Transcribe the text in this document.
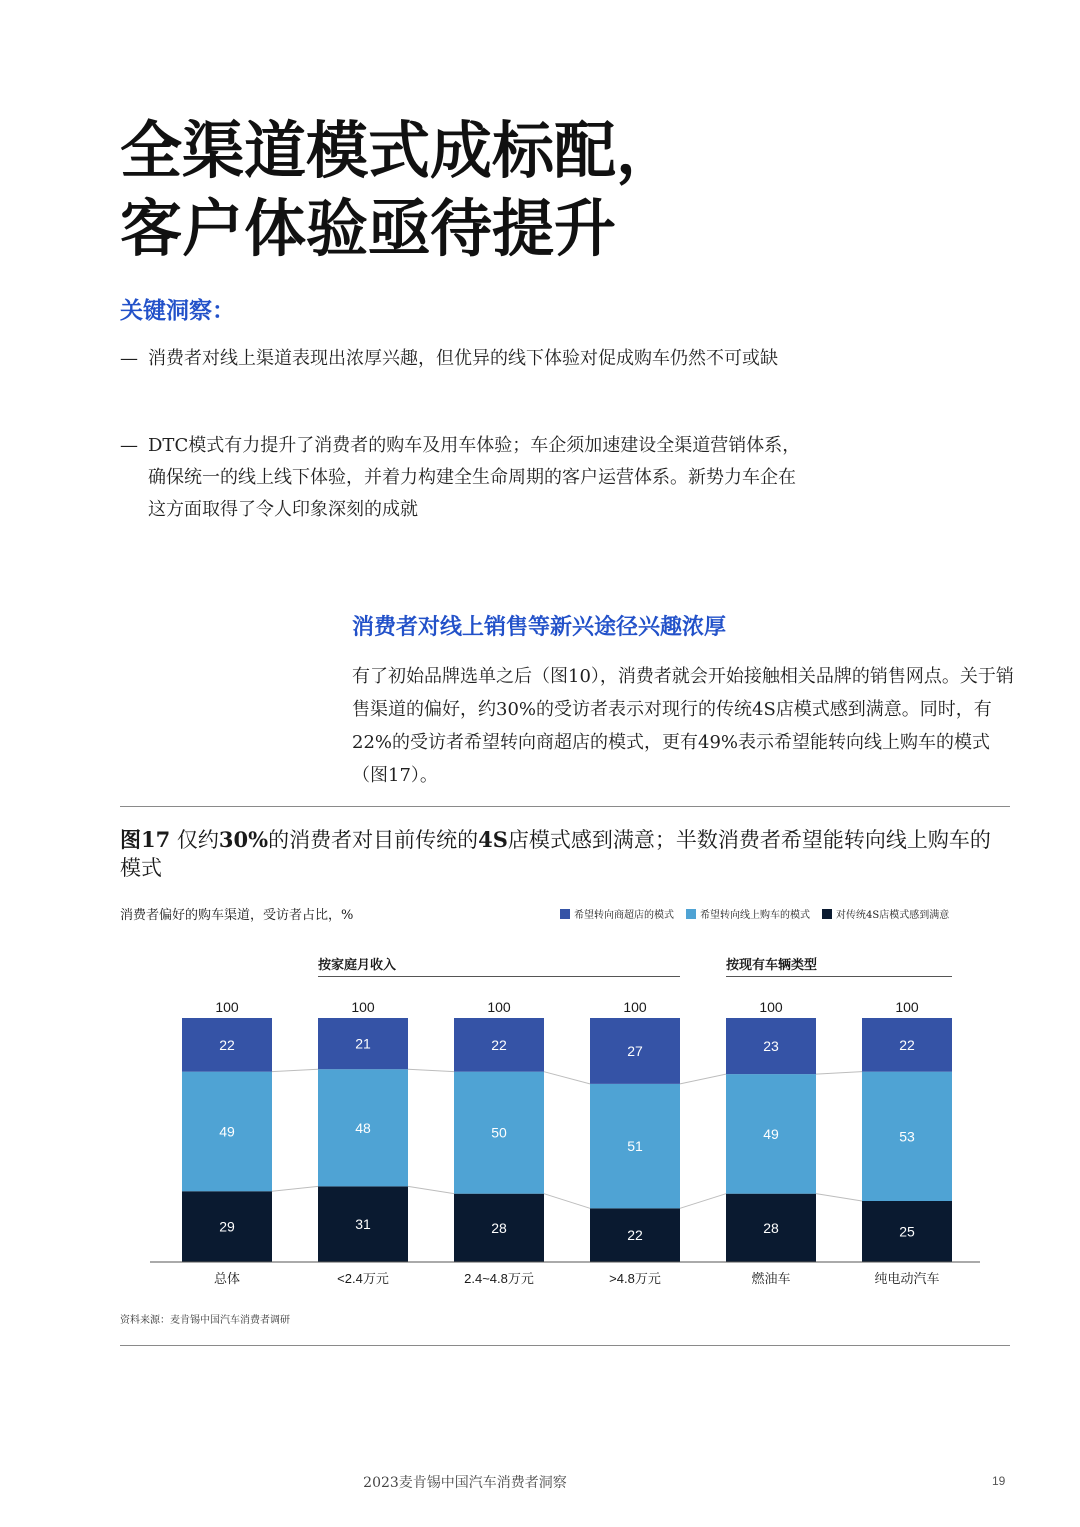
全渠道模式成标配，
客户体验亟待提升
关键洞察：
— 消费者对线上渠道表现出浓厚兴趣，但优异的线下体验对促成购车仍然不可或缺
— DTC模式有力提升了消费者的购车及用车体验；车企须加速建设全渠道营销体系，确保统一的线上线下体验，并着力构建全生命周期的客户运营体系。新势力车企在这方面取得了令人印象深刻的成就
消费者对线上销售等新兴途径兴趣浓厚
有了初始品牌选单之后（图10），消费者就会开始接触相关品牌的销售网点。关于销售渠道的偏好，约30%的受访者表示对现行的传统4S店模式感到满意。同时，有22%的受访者希望转向商超店的模式，更有49%表示希望能转向线上购车的模式（图17）。
图17 仅约30%的消费者对目前传统的4S店模式感到满意；半数消费者希望能转向线上购车的模式
消费者偏好的购车渠道，受访者占比，%	希望转向商超店的模式	希望转向线上购车的模式	对传统4S店模式感到满意
按家庭月收入	按现有车辆类型
29
49
22
100
总体
31
48
21
100
<2.4万元
28
50
22
100
2.4~4.8万元
22
51
27
100
>4.8万元
28
49
23
100
燃油车
25
53
22
100
纯电动汽车
资料来源：麦肯锡中国汽车消费者调研
2023麦肯锡中国汽车消费者洞察	19
